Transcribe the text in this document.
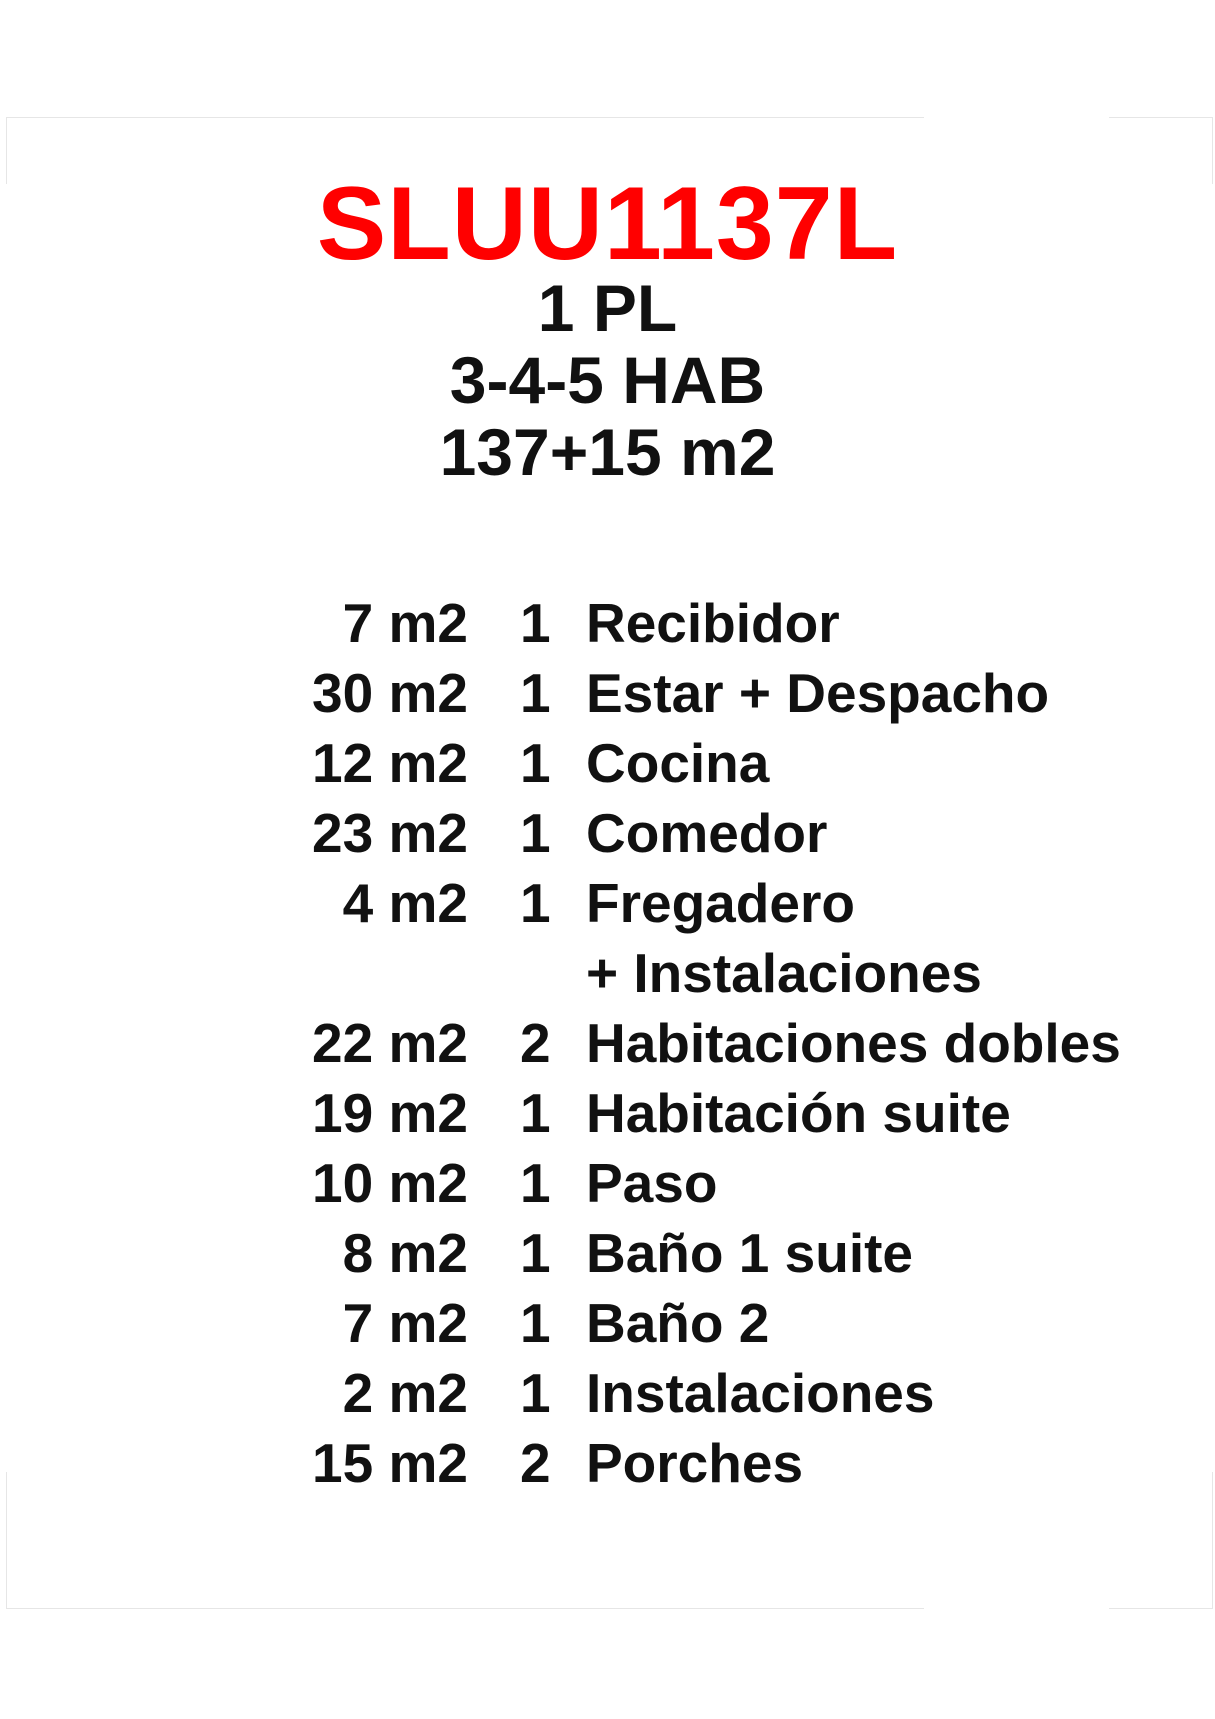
SLUU1137L
1 PL
3-4-5 HAB
137+15 m2
7 m2 1 Recibidor
30 m2 1 Estar + Despacho
12 m2 1 Cocina
23 m2 1 Comedor
4 m2 1 Fregadero
+ Instalaciones
22 m2 2 Habitaciones dobles
19 m2 1 Habitación suite
10 m2 1 Paso
8 m2 1 Baño 1 suite
7 m2 1 Baño 2
2 m2 1 Instalaciones
15 m2 2 Porches
